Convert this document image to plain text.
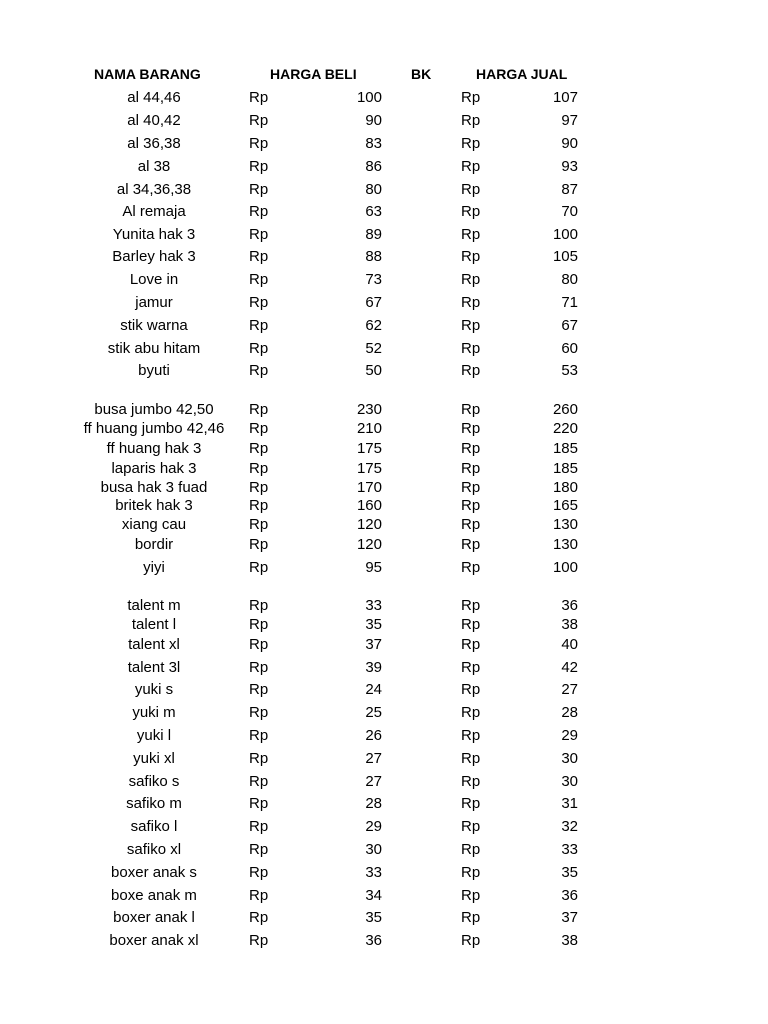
NAMA BARANG	HARGA BELI	BK	HARGA JUAL
al 44,46	Rp	100	Rp	107
al 40,42	Rp	90	Rp	97
al 36,38	Rp	83	Rp	90
al 38	Rp	86	Rp	93
al 34,36,38	Rp	80	Rp	87
Al remaja	Rp	63	Rp	70
Yunita hak 3	Rp	89	Rp	100
Barley hak 3	Rp	88	Rp	105
Love in	Rp	73	Rp	80
jamur	Rp	67	Rp	71
stik warna	Rp	62	Rp	67
stik abu hitam	Rp	52	Rp	60
byuti	Rp	50	Rp	53
busa jumbo 42,50	Rp	230	Rp	260
ff huang jumbo 42,46	Rp	210	Rp	220
ff huang hak 3	Rp	175	Rp	185
laparis hak 3	Rp	175	Rp	185
busa hak 3 fuad	Rp	170	Rp	180
britek hak 3	Rp	160	Rp	165
xiang cau	Rp	120	Rp	130
bordir	Rp	120	Rp	130
yiyi	Rp	95	Rp	100
talent m	Rp	33	Rp	36
talent l	Rp	35	Rp	38
talent xl	Rp	37	Rp	40
talent 3l	Rp	39	Rp	42
yuki s	Rp	24	Rp	27
yuki m	Rp	25	Rp	28
yuki l	Rp	26	Rp	29
yuki xl	Rp	27	Rp	30
safiko s	Rp	27	Rp	30
safiko m	Rp	28	Rp	31
safiko l	Rp	29	Rp	32
safiko xl	Rp	30	Rp	33
boxer anak s	Rp	33	Rp	35
boxe anak m	Rp	34	Rp	36
boxer anak l	Rp	35	Rp	37
boxer anak xl	Rp	36	Rp	38
